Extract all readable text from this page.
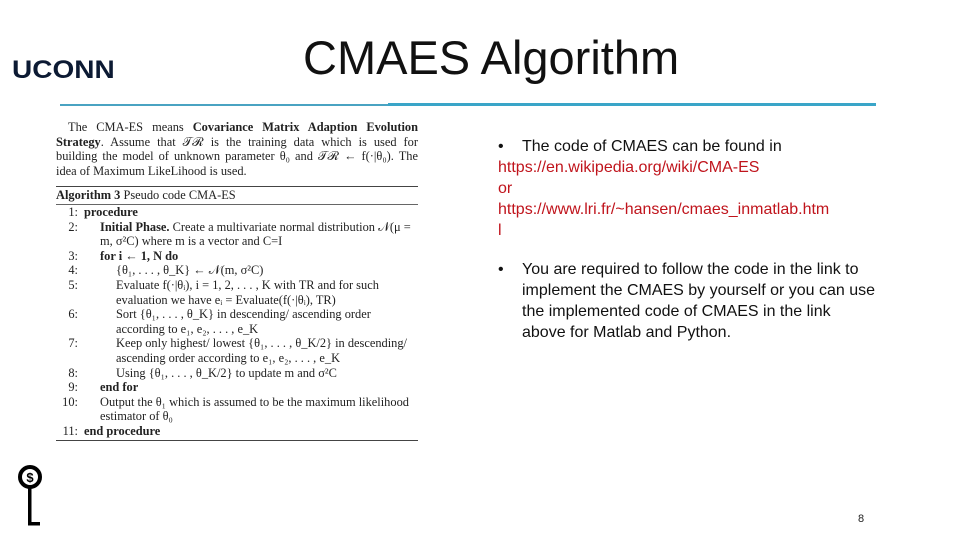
UCONN	CMAES Algorithm

The CMA-ES means Covariance Matrix Adaption Evolution Strategy. Assume that 𝒯ℛ is the training data which is used for building the model of unknown parameter θ₀ and 𝒯ℛ ← f(·|θ₀). The idea of Maximum LikeLihood is used.

Algorithm 3 Pseudo code CMA-ES
1: procedure
2:	Initial Phase. Create a multivariate normal distribution 𝒩(μ = m, σ²C) where m is a vector and C=I
3:	for i ← 1, N do
4:	{θ₁, . . . , θ_K} ← 𝒩(m, σ²C)
5:	Evaluate f(·|θᵢ), i = 1, 2, . . . , K with TR and for such evaluation we have eᵢ = Evaluate(f(·|θᵢ), TR)
6:	Sort {θ₁, . . . , θ_K} in descending/ ascending order according to e₁, e₂, . . . , e_K
7:	Keep only highest/ lowest {θ₁, . . . , θ_K/2} in descending/ ascending order according to e₁, e₂, . . . , e_K
8:	Using {θ₁, . . . , θ_K/2} to update m and σ²C
9:	end for
10:	Output the θ₁ which is assumed to be the maximum likelihood estimator of θ₀
11: end procedure
• The code of CMAES can be found in
https://en.wikipedia.org/wiki/CMA-ES
or
https://www.lri.fr/~hansen/cmaes_inmatlab.htm
l
•	You are required to follow the code in the link to implement the CMAES by yourself or you can use the implemented code of CMAES in the link above for Matlab and Python.
$
8
